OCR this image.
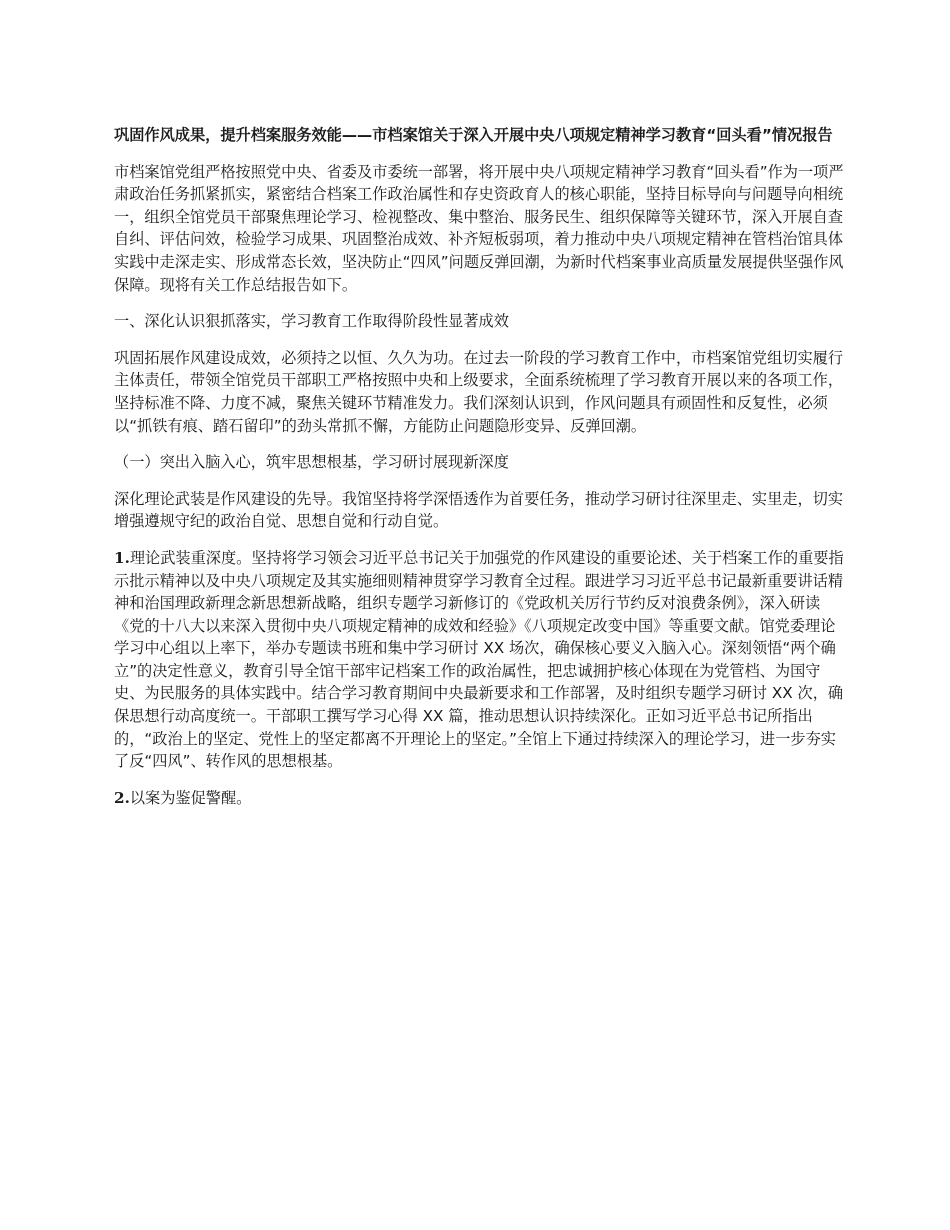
巩固作风成果，提升档案服务效能——市档案馆关于深入开展中央八项规定精神学习教育“回头看”情况报告

市档案馆党组严格按照党中央、省委及市委统一部署，将开展中央八项规定精神学习教育“回头看”作为一项严肃政治任务抓紧抓实，紧密结合档案工作政治属性和存史资政育人的核心职能，坚持目标导向与问题导向相统一，组织全馆党员干部聚焦理论学习、检视整改、集中整治、服务民生、组织保障等关键环节，深入开展自查自纠、评估问效，检验学习成果、巩固整治成效、补齐短板弱项，着力推动中央八项规定精神在管档治馆具体实践中走深走实、形成常态长效，坚决防止“四风”问题反弹回潮，为新时代档案事业高质量发展提供坚强作风保障。现将有关工作总结报告如下。

一、深化认识狠抓落实，学习教育工作取得阶段性显著成效

巩固拓展作风建设成效，必须持之以恒、久久为功。在过去一阶段的学习教育工作中，市档案馆党组切实履行主体责任，带领全馆党员干部职工严格按照中央和上级要求，全面系统梳理了学习教育开展以来的各项工作，坚持标准不降、力度不减，聚焦关键环节精准发力。我们深刻认识到，作风问题具有顽固性和反复性，必须以“抓铁有痕、踏石留印”的劲头常抓不懈，方能防止问题隐形变异、反弹回潮。

（一）突出入脑入心，筑牢思想根基，学习研讨展现新深度

深化理论武装是作风建设的先导。我馆坚持将学深悟透作为首要任务，推动学习研讨往深里走、实里走，切实增强遵规守纪的政治自觉、思想自觉和行动自觉。

1.理论武装重深度。坚持将学习领会习近平总书记关于加强党的作风建设的重要论述、关于档案工作的重要指示批示精神以及中央八项规定及其实施细则精神贯穿学习教育全过程。跟进学习习近平总书记最新重要讲话精神和治国理政新理念新思想新战略，组织专题学习新修订的《党政机关厉行节约反对浪费条例》，深入研读《党的十八大以来深入贯彻中央八项规定精神的成效和经验》《八项规定改变中国》等重要文献。馆党委理论学习中心组以上率下，举办专题读书班和集中学习研讨 XX 场次，确保核心要义入脑入心。深刻领悟“两个确立”的决定性意义，教育引导全馆干部牢记档案工作的政治属性，把忠诚拥护核心体现在为党管档、为国守史、为民服务的具体实践中。结合学习教育期间中央最新要求和工作部署，及时组织专题学习研讨 XX 次，确保思想行动高度统一。干部职工撰写学习心得 XX 篇，推动思想认识持续深化。正如习近平总书记所指出的，“政治上的坚定、党性上的坚定都离不开理论上的坚定。”全馆上下通过持续深入的理论学习，进一步夯实了反“四风”、转作风的思想根基。

2.以案为鉴促警醒。
